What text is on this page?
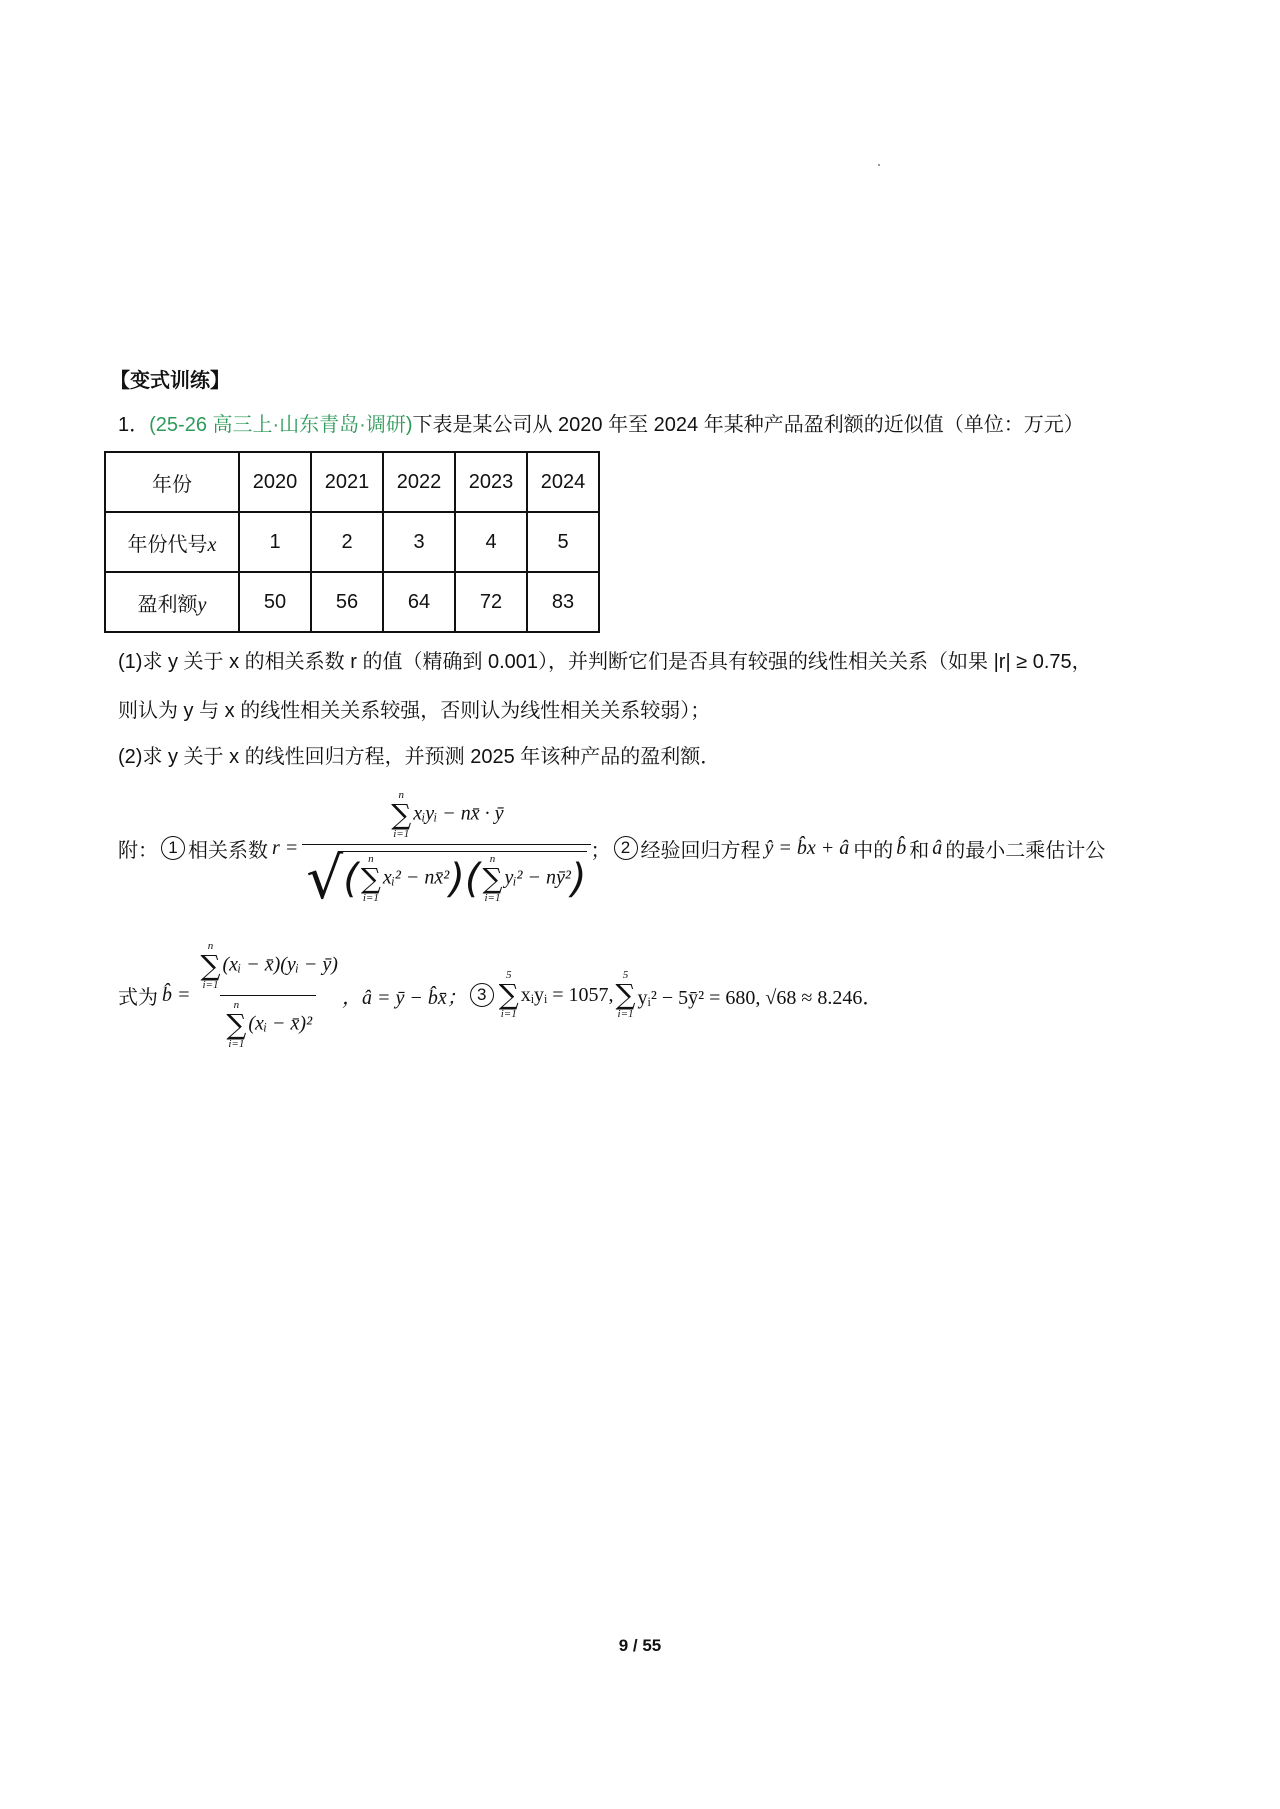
【变式训练】
1．(25-26 高三上·山东青岛·调研)下表是某公司从 2020 年至 2024 年某种产品盈利额的近似值（单位：万元）
年份	2020	2021	2022	2023	2024
年份代号x	1	2	3	4	5
盈利额y	50	56	64	72	83
(1)求 y 关于 x 的相关系数 r 的值（精确到 0.001），并判断它们是否具有较强的线性相关关系（如果 |r| ≥ 0.75，
则认为 y 与 x 的线性相关关系较强，否则认为线性相关关系较弱）；
(2)求 y 关于 x 的线性回归方程，并预测 2025 年该种产品的盈利额．
附： 1 相关系数 r = n
∑
i=1
xᵢyᵢ − nx̄ · ȳ
√ ( n
∑
i=1
xᵢ² − nx̄²)( n
∑
i=1
yᵢ² − nȳ²) ； 2 经验回归方程 ŷ = b̂x + â 中的 b̂ 和 â 的最小二乘估计公
式为 b̂ = n
∑
i=1
(xᵢ − x̄)(yᵢ − ȳ)
n
∑
i=1
(xᵢ − x̄)² ，â = ȳ − b̂x̄； 3
5
∑
i=1
xᵢyᵢ = 1057,
5
∑
i=1
yᵢ² − 5ȳ² = 680, √68 ≈ 8.246．
9 / 55
